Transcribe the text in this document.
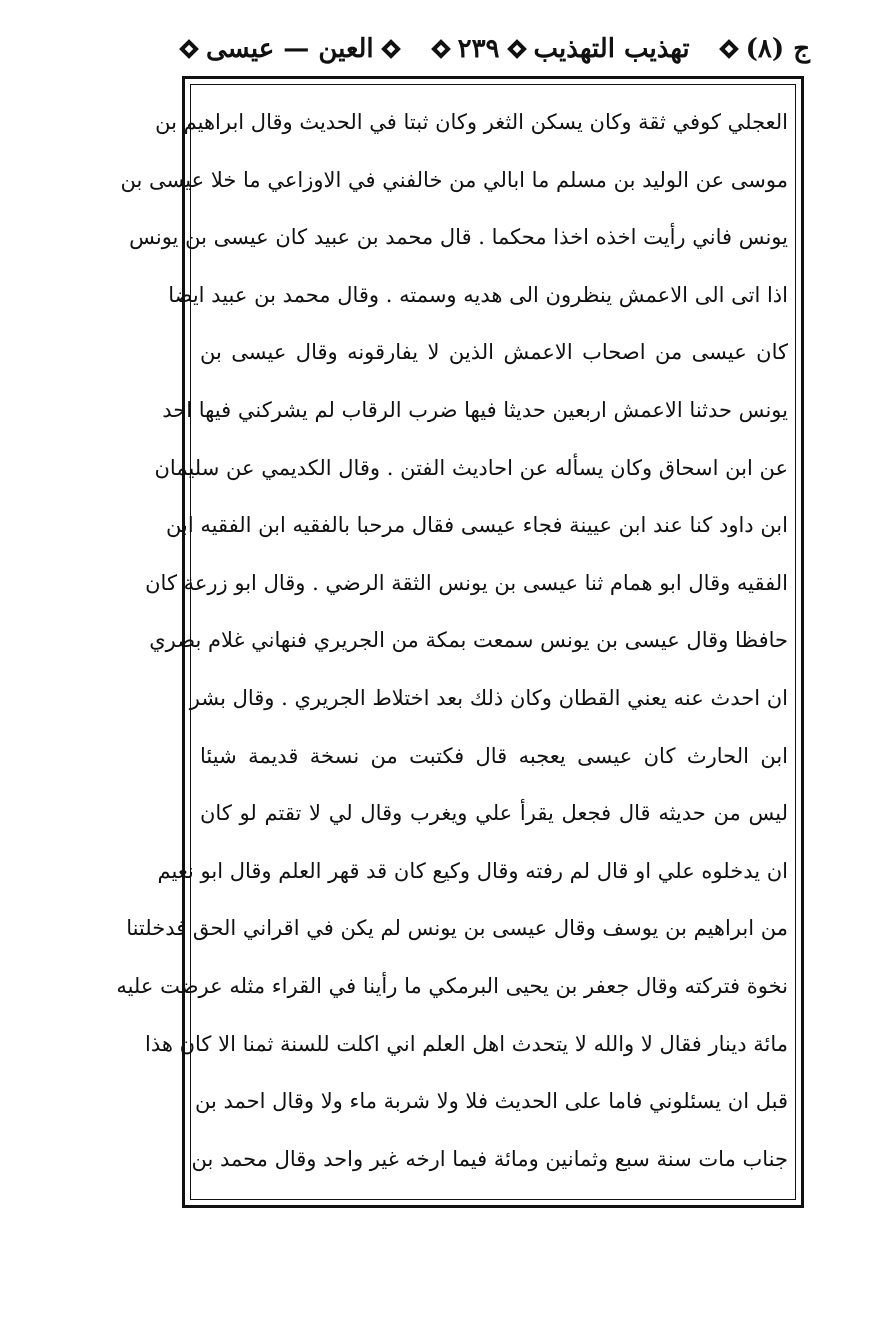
ج (٨)
تهذيب التهذيب
٢٣٩
العين — عيسى
العجلي كوفي ثقة وكان يسكن الثغر وكان ثبتا في الحديث وقال ابراهيم بن
موسى عن الوليد بن مسلم ما ابالي من خالفني في الاوزاعي ما خلا عيسى بن
يونس فاني رأيت اخذه اخذا محكما . قال محمد بن عبيد كان عيسى بن يونس
اذا اتى الى الاعمش ينظرون الى هديه وسمته . وقال محمد بن عبيد ايضا
كان عيسى من اصحاب الاعمش الذين لا يفارقونه وقال عيسى بن
يونس حدثنا الاعمش اربعين حديثا فيها ضرب الرقاب لم يشركني فيها احد
عن ابن اسحاق وكان يسأله عن احاديث الفتن . وقال الكديمي عن سليمان
ابن داود كنا عند ابن عيينة فجاء عيسى فقال مرحبا بالفقيه ابن الفقيه ابن
الفقيه وقال ابو همام ثنا عيسى بن يونس الثقة الرضي . وقال ابو زرعة كان
حافظا وقال عيسى بن يونس سمعت بمكة من الجريري فنهاني غلام بصري
ان احدث عنه يعني القطان وكان ذلك بعد اختلاط الجريري . وقال بشر
ابن الحارث كان عيسى يعجبه قال فكتبت من نسخة قديمة شيئا
ليس من حديثه قال فجعل يقرأ علي ويغرب وقال لي لا تقتم لو كان
ان يدخلوه علي او قال لم رفته وقال وكيع كان قد قهر العلم وقال ابو نعيم
من ابراهيم بن يوسف وقال عيسى بن يونس لم يكن في اقراني الحق فدخلتنا
نخوة فتركته وقال جعفر بن يحيى البرمكي ما رأينا في القراء مثله عرضت عليه
مائة دينار فقال لا والله لا يتحدث اهل العلم اني اكلت للسنة ثمنا الا كان هذا
قبل ان يسئلوني فاما على الحديث فلا ولا شربة ماء ولا وقال احمد بن
جناب مات سنة سبع وثمانين ومائة فيما ارخه غير واحد وقال محمد بن
